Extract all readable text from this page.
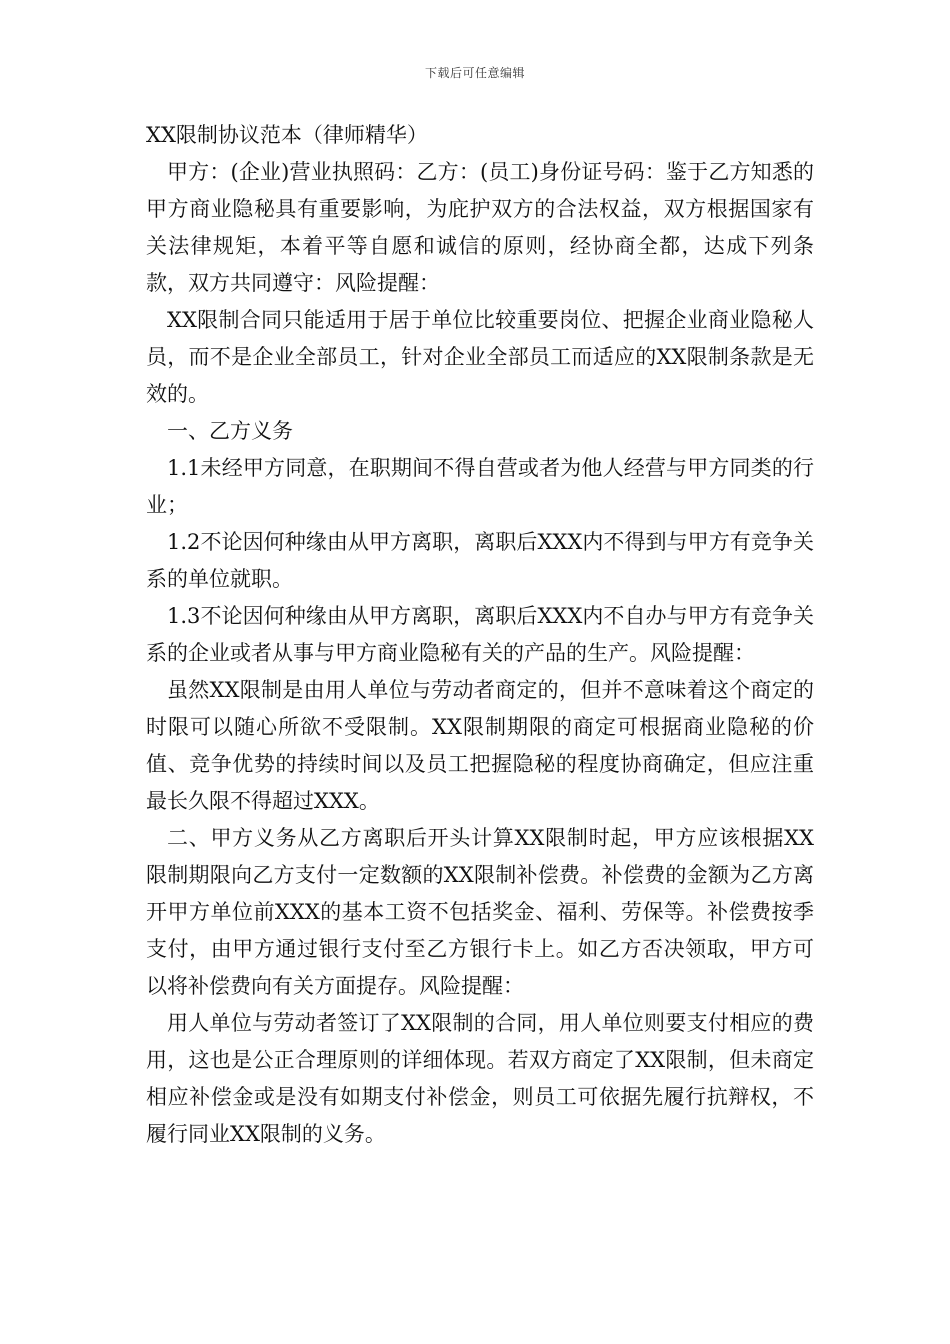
下载后可任意编辑

XX限制协议范本（律师精华）

甲方：(企业)营业执照码：乙方：(员工)身份证号码：鉴于乙方知悉的甲方商业隐秘具有重要影响，为庇护双方的合法权益，双方根据国家有关法律规矩，本着平等自愿和诚信的原则，经协商全都，达成下列条款，双方共同遵守：风险提醒：

XX限制合同只能适用于居于单位比较重要岗位、把握企业商业隐秘人员，而不是企业全部员工，针对企业全部员工而适应的XX限制条款是无效的。

一、乙方义务

1.1未经甲方同意，在职期间不得自营或者为他人经营与甲方同类的行业；

1.2不论因何种缘由从甲方离职，离职后XXX内不得到与甲方有竞争关系的单位就职。

1.3不论因何种缘由从甲方离职，离职后XXX内不自办与甲方有竞争关系的企业或者从事与甲方商业隐秘有关的产品的生产。风险提醒：

虽然XX限制是由用人单位与劳动者商定的，但并不意味着这个商定的时限可以随心所欲不受限制。XX限制期限的商定可根据商业隐秘的价值、竞争优势的持续时间以及员工把握隐秘的程度协商确定，但应注重最长久限不得超过XXX。

二、甲方义务从乙方离职后开头计算XX限制时起，甲方应该根据XX限制期限向乙方支付一定数额的XX限制补偿费。补偿费的金额为乙方离开甲方单位前XXX的基本工资不包括奖金、福利、劳保等。补偿费按季支付，由甲方通过银行支付至乙方银行卡上。如乙方否决领取，甲方可以将补偿费向有关方面提存。风险提醒：

用人单位与劳动者签订了XX限制的合同，用人单位则要支付相应的费用，这也是公正合理原则的详细体现。若双方商定了XX限制，但未商定相应补偿金或是没有如期支付补偿金，则员工可依据先履行抗辩权，不履行同业XX限制的义务。
